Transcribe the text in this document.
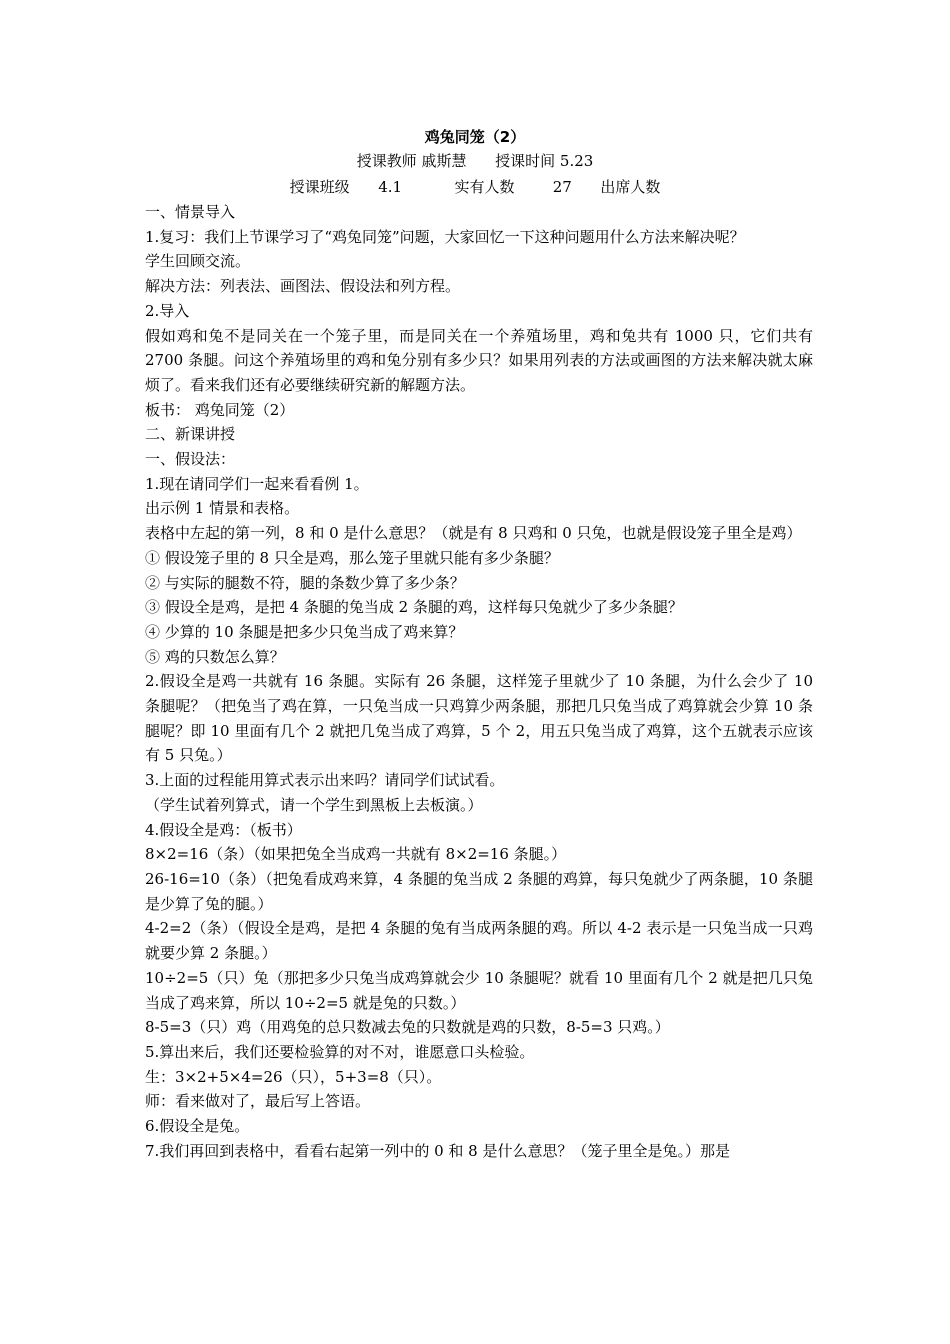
鸡兔同笼（2）
授课教师 戚斯慧 授课时间 5.23
授课班级 4.1	实有人数	27 出席人数

一、情景导入

1.复习：我们上节课学习了“鸡兔同笼”问题，大家回忆一下这种问题用什么方法来解决呢？

学生回顾交流。

解决方法：列表法、画图法、假设法和列方程。

2.导入

假如鸡和兔不是同关在一个笼子里，而是同关在一个养殖场里，鸡和兔共有 1000 只，它们共有 2700 条腿。问这个养殖场里的鸡和兔分别有多少只？如果用列表的方法或画图的方法来解决就太麻烦了。看来我们还有必要继续研究新的解题方法。

板书： 鸡兔同笼（2）

二、新课讲授

一、假设法：

1.现在请同学们一起来看看例 1。

出示例 1 情景和表格。

表格中左起的第一列，8 和 0 是什么意思？（就是有 8 只鸡和 0 只兔，也就是假设笼子里全是鸡）

① 假设笼子里的 8 只全是鸡，那么笼子里就只能有多少条腿？

② 与实际的腿数不符，腿的条数少算了多少条？

③ 假设全是鸡，是把 4 条腿的兔当成 2 条腿的鸡，这样每只兔就少了多少条腿？

④ 少算的 10 条腿是把多少只兔当成了鸡来算？

⑤ 鸡的只数怎么算？

2.假设全是鸡一共就有 16 条腿。实际有 26 条腿，这样笼子里就少了 10 条腿，为什么会少了 10 条腿呢？（把兔当了鸡在算，一只兔当成一只鸡算少两条腿，那把几只兔当成了鸡算就会少算 10 条腿呢？即 10 里面有几个 2 就把几兔当成了鸡算，5 个 2，用五只兔当成了鸡算，这个五就表示应该有 5 只兔。）

3.上面的过程能用算式表示出来吗？请同学们试试看。

（学生试着列算式，请一个学生到黑板上去板演。）

4.假设全是鸡：（板书）

8×2=16（条）（如果把兔全当成鸡一共就有 8×2=16 条腿。）

26-16=10（条）（把兔看成鸡来算，4 条腿的兔当成 2 条腿的鸡算，每只兔就少了两条腿，10 条腿是少算了兔的腿。）

4-2=2（条）（假设全是鸡，是把 4 条腿的兔有当成两条腿的鸡。所以 4-2 表示是一只兔当成一只鸡就要少算 2 条腿。）

10÷2=5（只）兔（那把多少只兔当成鸡算就会少 10 条腿呢？就看 10 里面有几个 2 就是把几只兔当成了鸡来算，所以 10÷2=5 就是兔的只数。）

8-5=3（只）鸡（用鸡兔的总只数减去兔的只数就是鸡的只数，8-5=3 只鸡。）

5.算出来后，我们还要检验算的对不对，谁愿意口头检验。

生：3×2+5×4=26（只），5+3=8（只）。

师：看来做对了，最后写上答语。

6.假设全是兔。

7.我们再回到表格中，看看右起第一列中的 0 和 8 是什么意思？（笼子里全是兔。）那是
